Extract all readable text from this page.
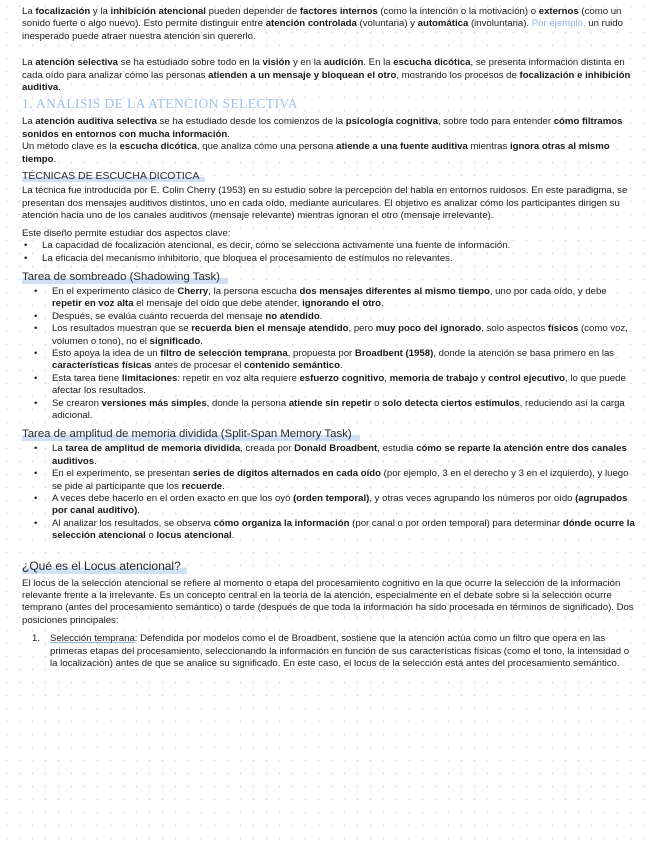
La focalización y la inhibición atencional pueden depender de factores internos (como la intención o la motivación) o externos (como un sonido fuerte o algo nuevo). Esto permite distinguir entre atención controlada (voluntaria) y automática (involuntaria). Por ejemplo, un ruido inesperado puede atraer nuestra atención sin quererlo.

La atención selectiva se ha estudiado sobre todo en la visión y en la audición. En la escucha dicótica, se presenta información distinta en cada oído para analizar cómo las personas atienden a un mensaje y bloquean el otro, mostrando los procesos de focalización e inhibición auditiva.

1. ANÁLISIS DE LA ATENCION SELECTIVA

La atención auditiva selectiva se ha estudiado desde los comienzos de la psicología cognitiva, sobre todo para entender cómo filtramos sonidos en entornos con mucha información.

Un método clave es la escucha dicótica, que analiza cómo una persona atiende a una fuente auditiva mientras ignora otras al mismo tiempo.

TÉCNICAS DE ESCUCHA DICOTICA

La técnica fue introducida por E. Colin Cherry (1953) en su estudio sobre la percepción del habla en entornos ruidosos. En este paradigma, se presentan dos mensajes auditivos distintos, uno en cada oído, mediante auriculares. El objetivo es analizar cómo los participantes dirigen su atención hacia uno de los canales auditivos (mensaje relevante) mientras ignoran el otro (mensaje irrelevante).

Este diseño permite estudiar dos aspectos clave:

• La capacidad de focalización atencional, es decir, cómo se selecciona activamente una fuente de información.
• La eficacia del mecanismo inhibitorio, que bloquea el procesamiento de estímulos no relevantes.
Tarea de sombreado (Shadowing Task)
• En el experimento clásico de Cherry, la persona escucha dos mensajes diferentes al mismo tiempo, uno por cada oído, y debe repetir en voz alta el mensaje del oído que debe atender, ignorando el otro.
• Después, se evalúa cuánto recuerda del mensaje no atendido.
• Los resultados muestran que se recuerda bien el mensaje atendido, pero muy poco del ignorado, solo aspectos físicos (como voz, volumen o tono), no el significado.
• Esto apoya la idea de un filtro de selección temprana, propuesta por Broadbent (1958), donde la atención se basa primero en las características físicas antes de procesar el contenido semántico.
• Esta tarea tiene limitaciones: repetir en voz alta requiere esfuerzo cognitivo, memoria de trabajo y control ejecutivo, lo que puede afectar los resultados.
• Se crearon versiones más simples, donde la persona atiende sin repetir o solo detecta ciertos estímulos, reduciendo así la carga adicional.
Tarea de amplitud de memoria dividida (Split-Span Memory Task)
• La tarea de amplitud de memoria dividida, creada por Donald Broadbent, estudia cómo se reparte la atención entre dos canales auditivos.
• En el experimento, se presentan series de dígitos alternados en cada oído (por ejemplo, 3 en el derecho y 3 en el izquierdo), y luego se pide al participante que los recuerde.
• A veces debe hacerlo en el orden exacto en que los oyó (orden temporal), y otras veces agrupando los números por oído (agrupados por canal auditivo).
• Al analizar los resultados, se observa cómo organiza la información (por canal o por orden temporal) para determinar dónde ocurre la selección atencional o locus atencional.
¿Qué es el Locus atencional?

El locus de la selección atencional se refiere al momento o etapa del procesamiento cognitivo en la que ocurre la selección de la información relevante frente a la irrelevante. Es un concepto central en la teoría de la atención, especialmente en el debate sobre si la selección ocurre temprano (antes del procesamiento semántico) o tarde (después de que toda la información ha sido procesada en términos de significado). Dos posiciones principales:

1. Selección temprana: Defendida por modelos como el de Broadbent, sostiene que la atención actúa como un filtro que opera en las primeras etapas del procesamiento, seleccionando la información en función de sus características físicas (como el tono, la intensidad o la localización) antes de que se analice su significado. En este caso, el locus de la selección está antes del procesamiento semántico.
